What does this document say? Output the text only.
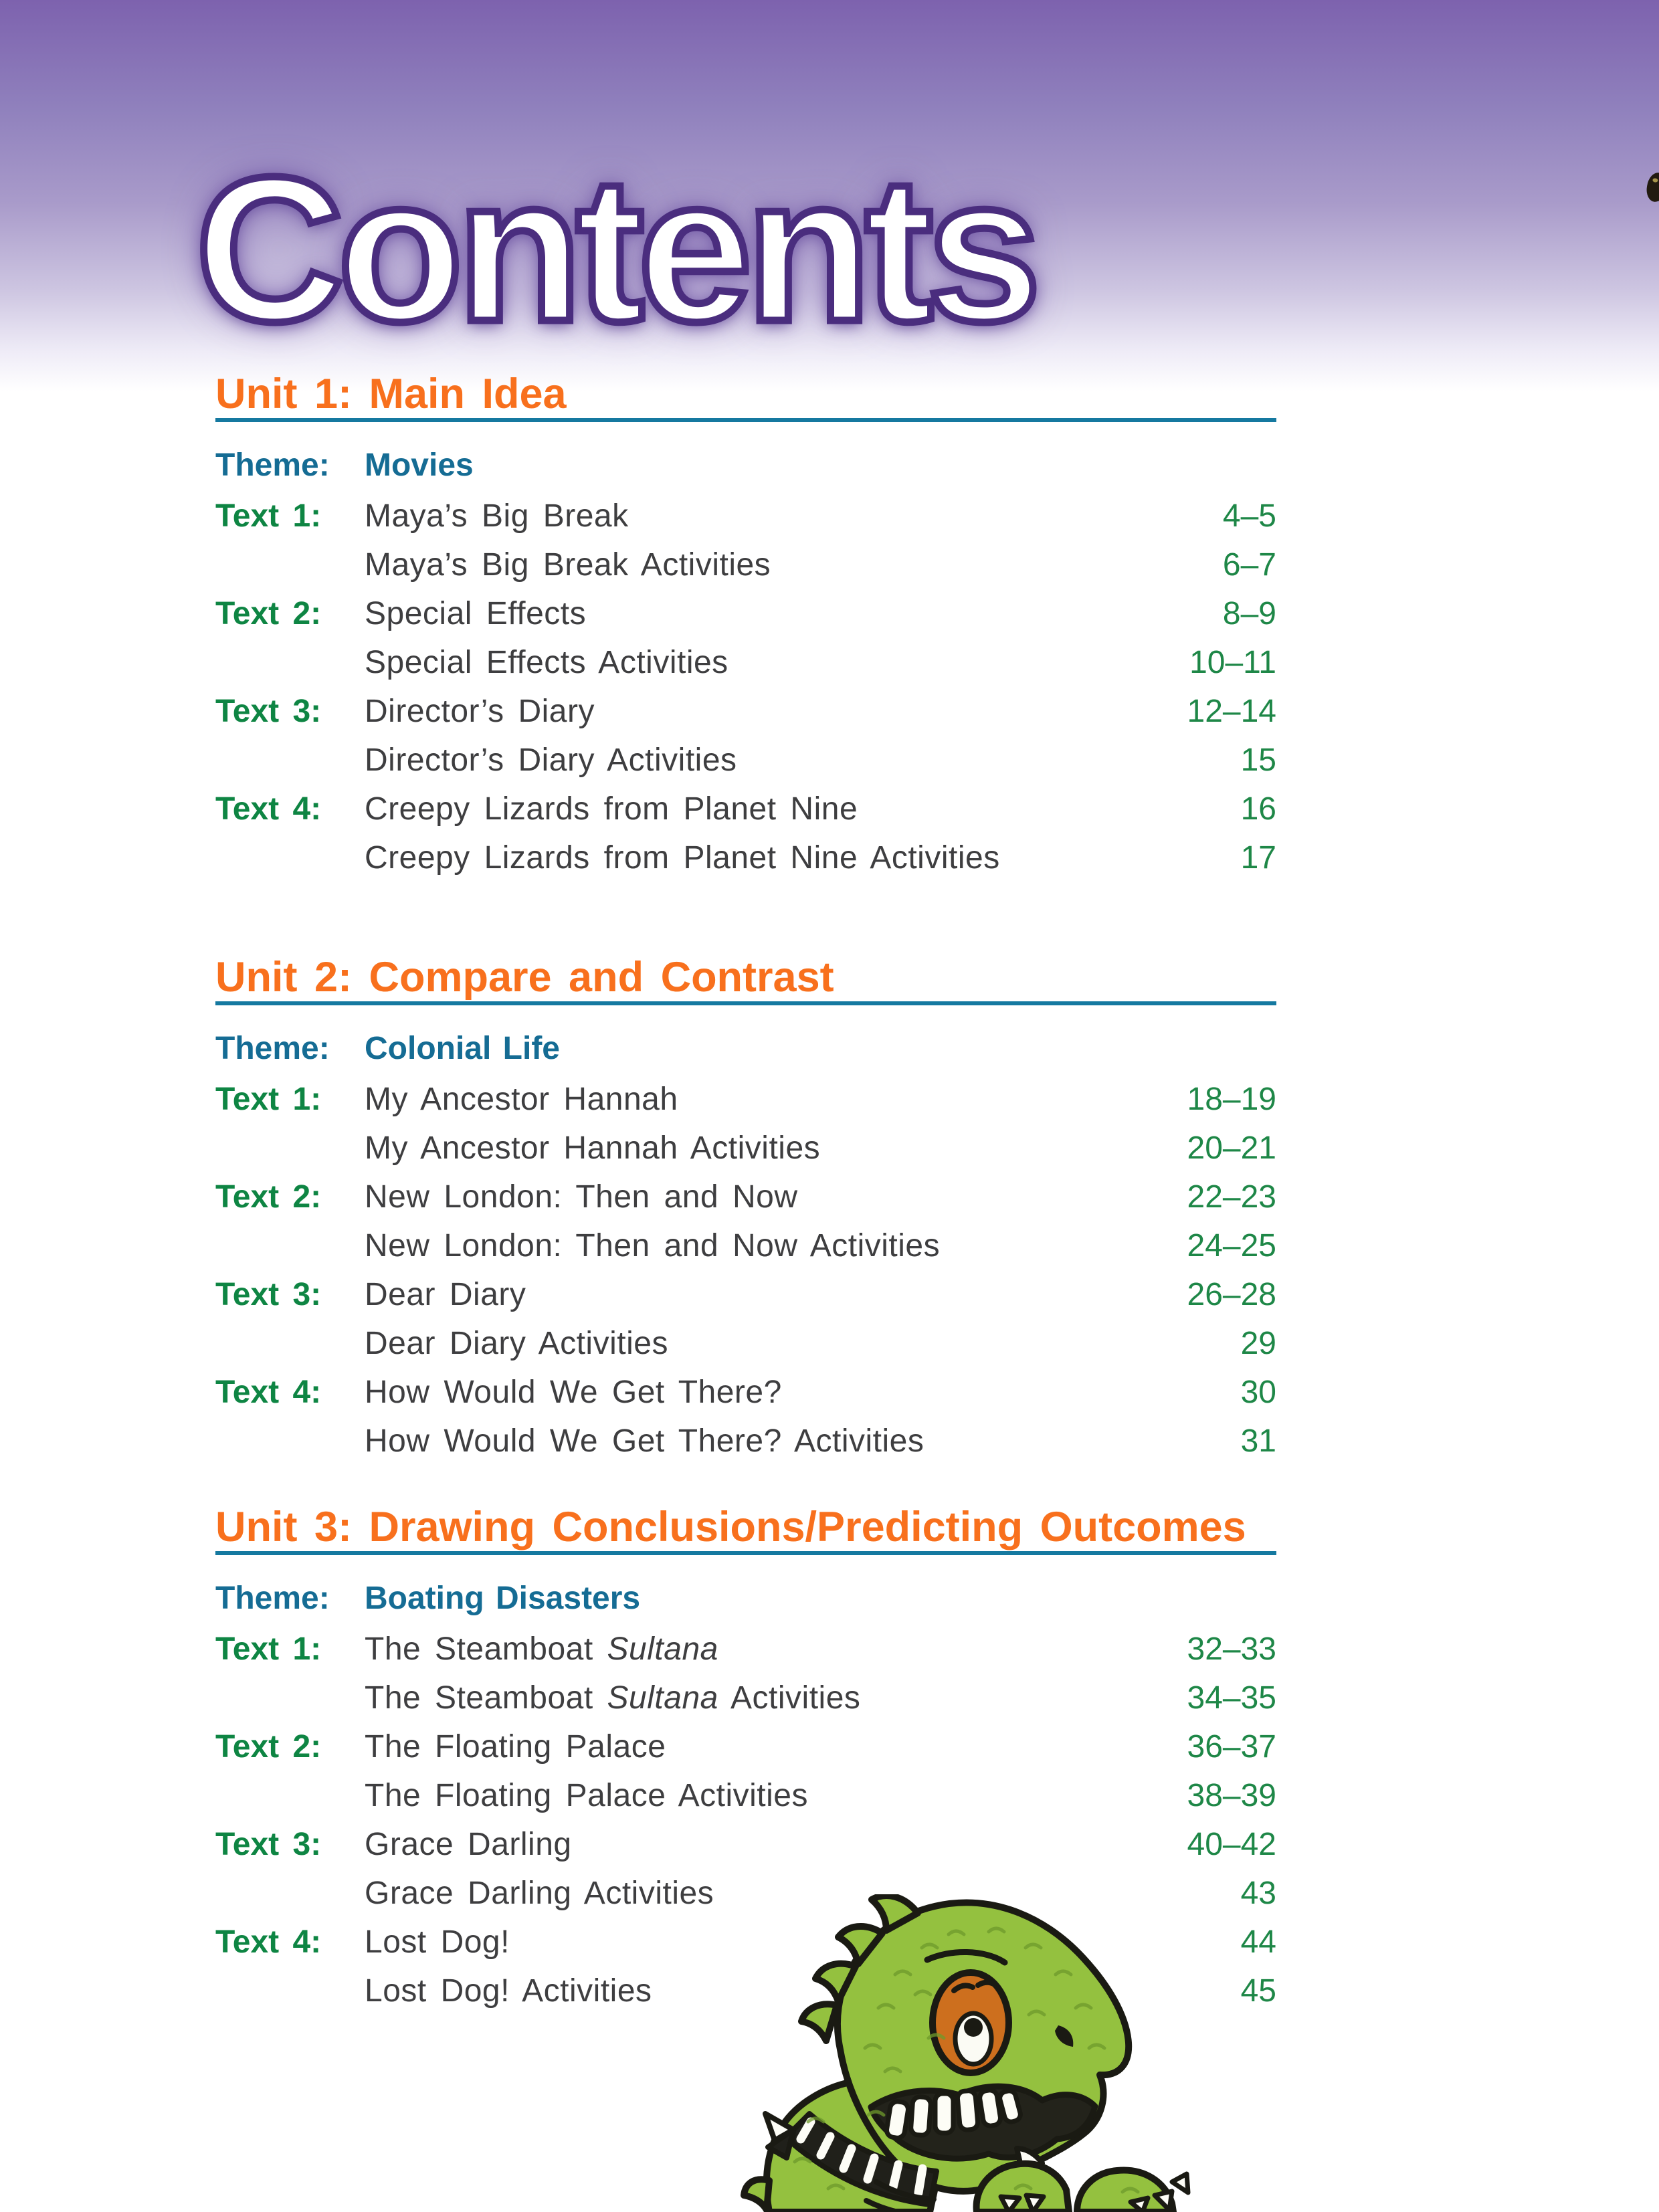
Contents
Unit 1: Main Idea
Theme:	Movies
Text 1:	Maya’s Big Break	4–5
Maya’s Big Break Activities	6–7
Text 2:	Special Effects	8–9
Special Effects Activities	10–11
Text 3:	Director’s Diary	12–14
Director’s Diary Activities	15
Text 4:	Creepy Lizards from Planet Nine	16
Creepy Lizards from Planet Nine Activities	17
Unit 2: Compare and Contrast
Theme:	Colonial Life
Text 1:	My Ancestor Hannah	18–19
My Ancestor Hannah Activities	20–21
Text 2:	New London: Then and Now	22–23
New London: Then and Now Activities	24–25
Text 3:	Dear Diary	26–28
Dear Diary Activities	29
Text 4:	How Would We Get There?	30
How Would We Get There? Activities	31
Unit 3: Drawing Conclusions/Predicting Outcomes
Theme:	Boating Disasters
Text 1:	The Steamboat Sultana	32–33
The Steamboat Sultana Activities	34–35
Text 2:	The Floating Palace	36–37
The Floating Palace Activities	38–39
Text 3:	Grace Darling	40–42
Grace Darling Activities	43
Text 4:	Lost Dog!	44
Lost Dog! Activities	45
